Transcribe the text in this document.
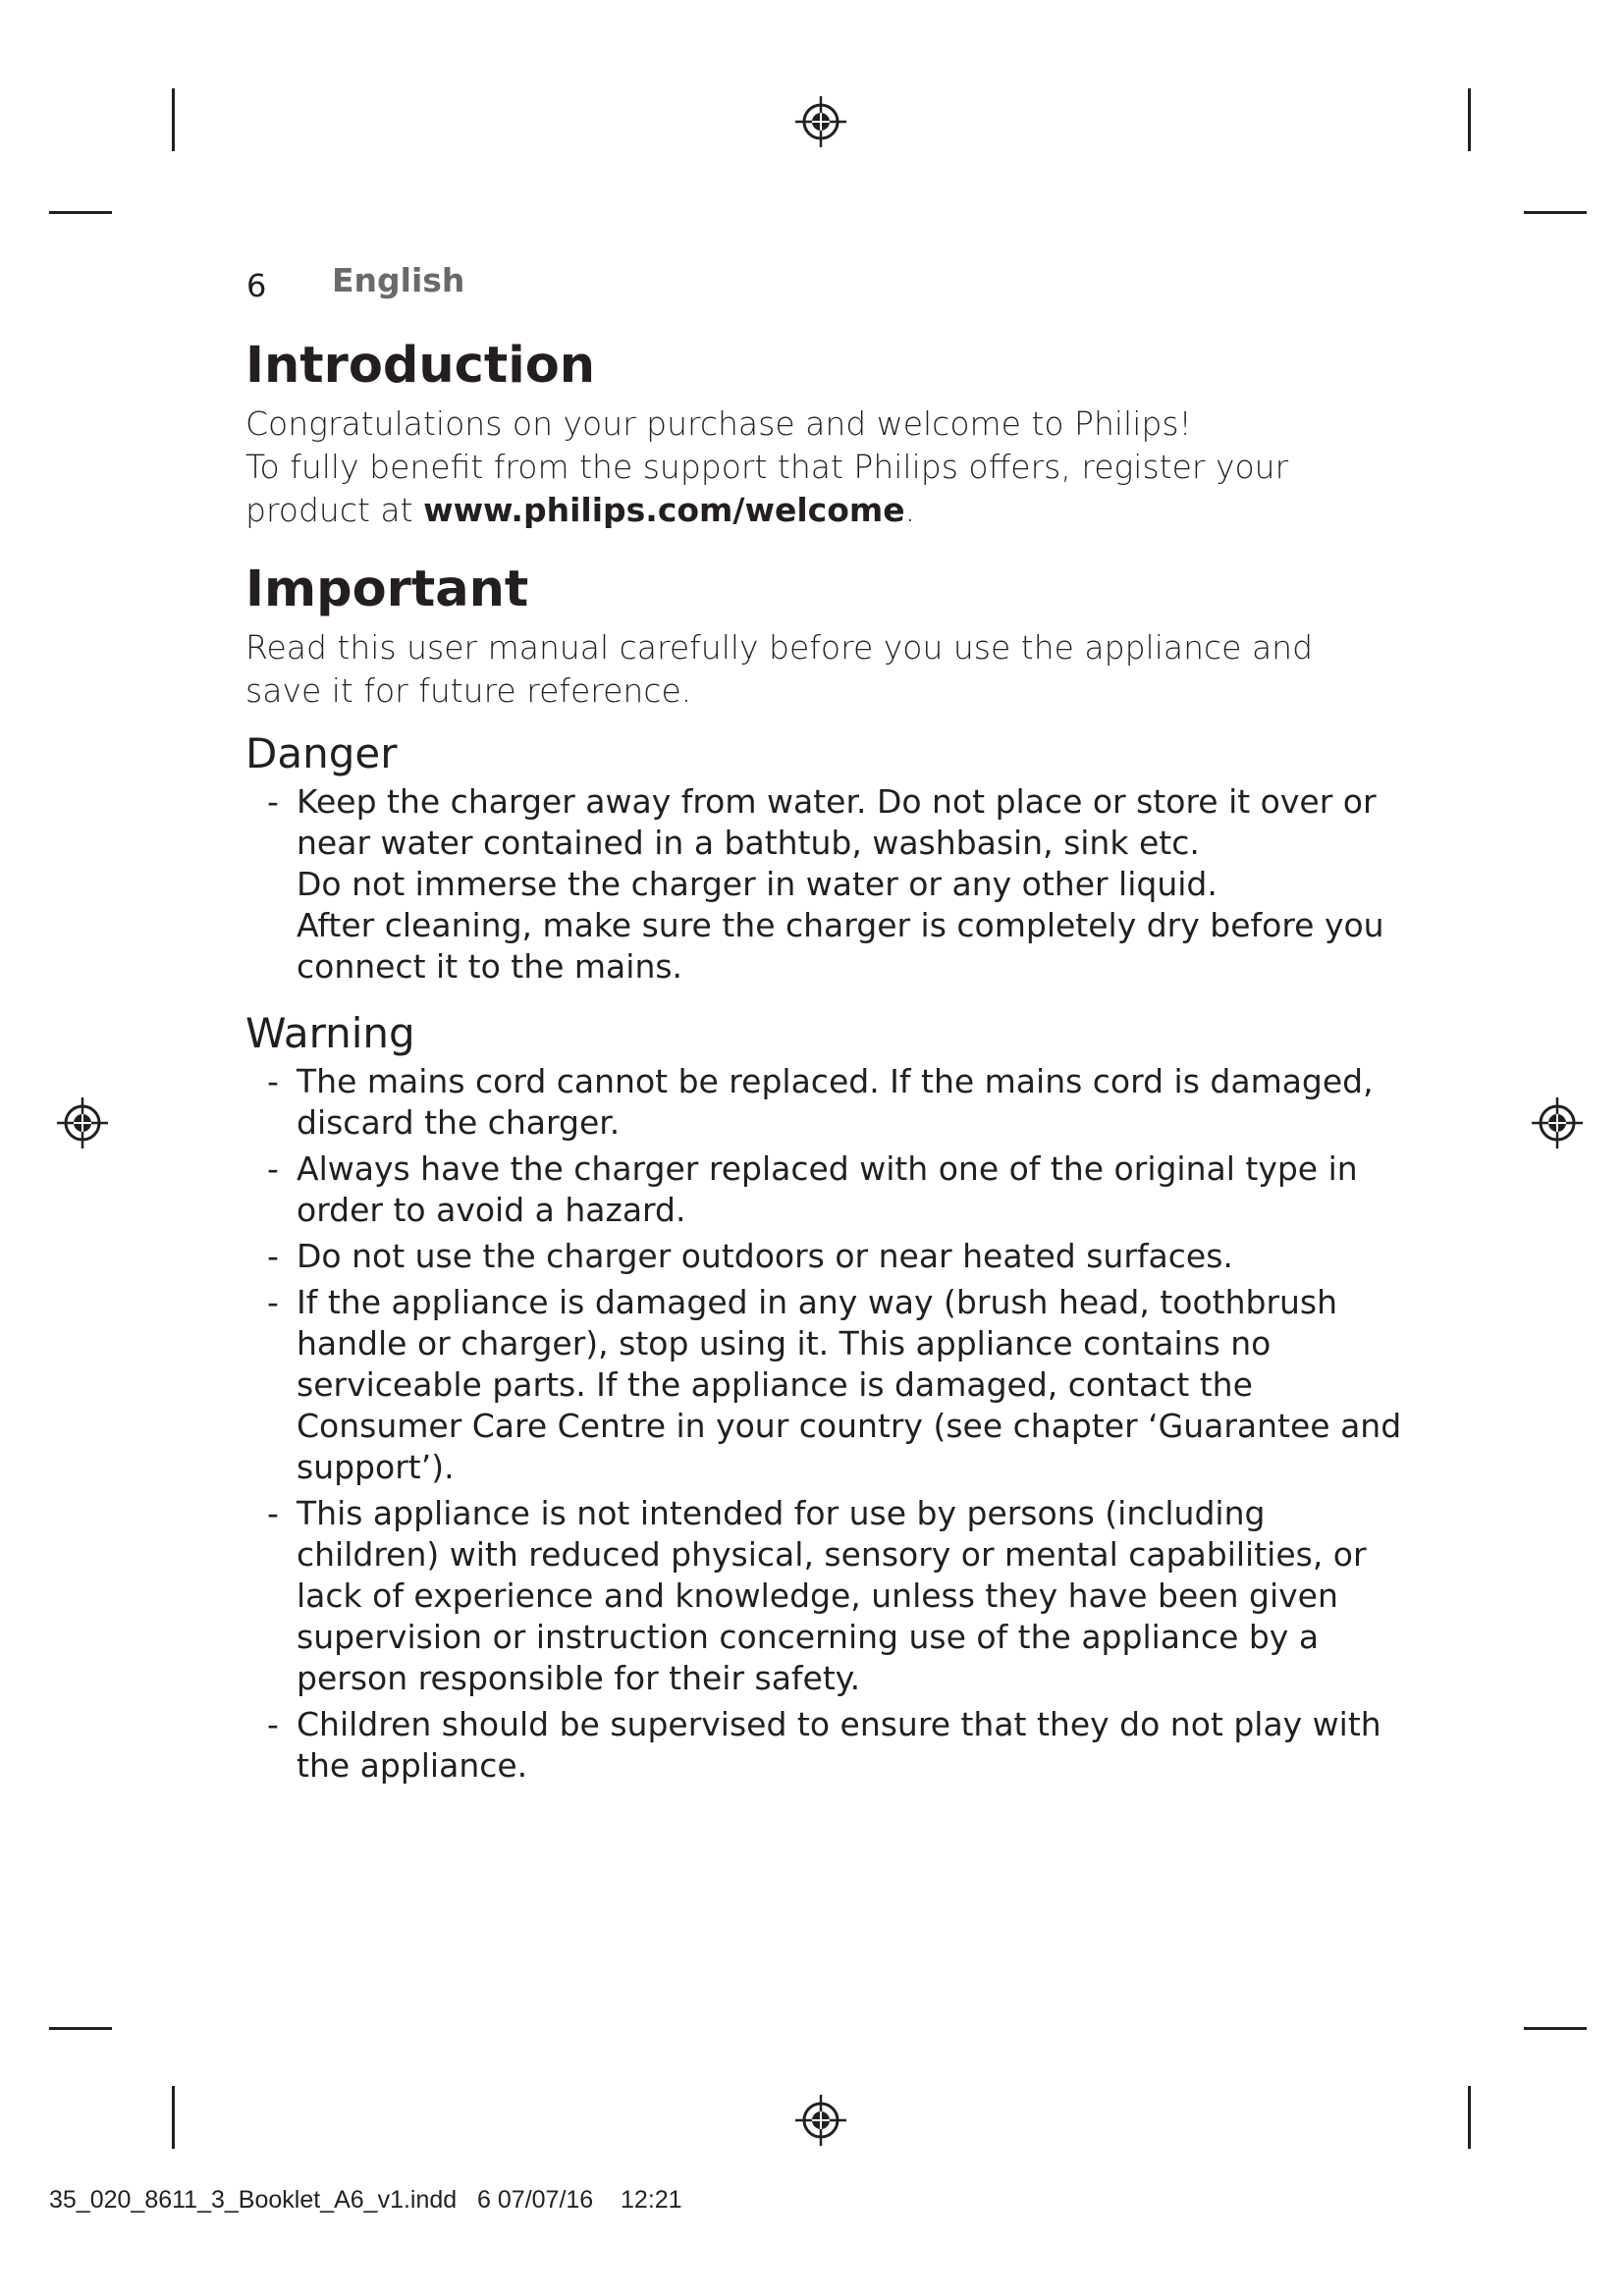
6 English
Introduction

Congratulations on your purchase and welcome to Philips!
To fully benefit from the support that Philips offers, register your product at www.philips.com/welcome.

Important

Read this user manual carefully before you use the appliance and save it for future reference.

Danger
- Keep the charger away from water. Do not place or store it over or near water contained in a bathtub, washbasin, sink etc.
Do not immerse the charger in water or any other liquid.
After cleaning, make sure the charger is completely dry before you connect it to the mains.
Warning
- The mains cord cannot be replaced. If the mains cord is damaged, discard the charger.
- Always have the charger replaced with one of the original type in order to avoid a hazard.
- Do not use the charger outdoors or near heated surfaces.
- If the appliance is damaged in any way (brush head, toothbrush handle or charger), stop using it. This appliance contains no serviceable parts. If the appliance is damaged, contact the Consumer Care Centre in your country (see chapter ‘Guarantee and support’).
- This appliance is not intended for use by persons (including children) with reduced physical, sensory or mental capabilities, or lack of experience and knowledge, unless they have been given supervision or instruction concerning use of the appliance by a person responsible for their safety.
- Children should be supervised to ensure that they do not play with the appliance.
35_020_8611_3_Booklet_A6_v1.indd 6 07/07/16 12:21
